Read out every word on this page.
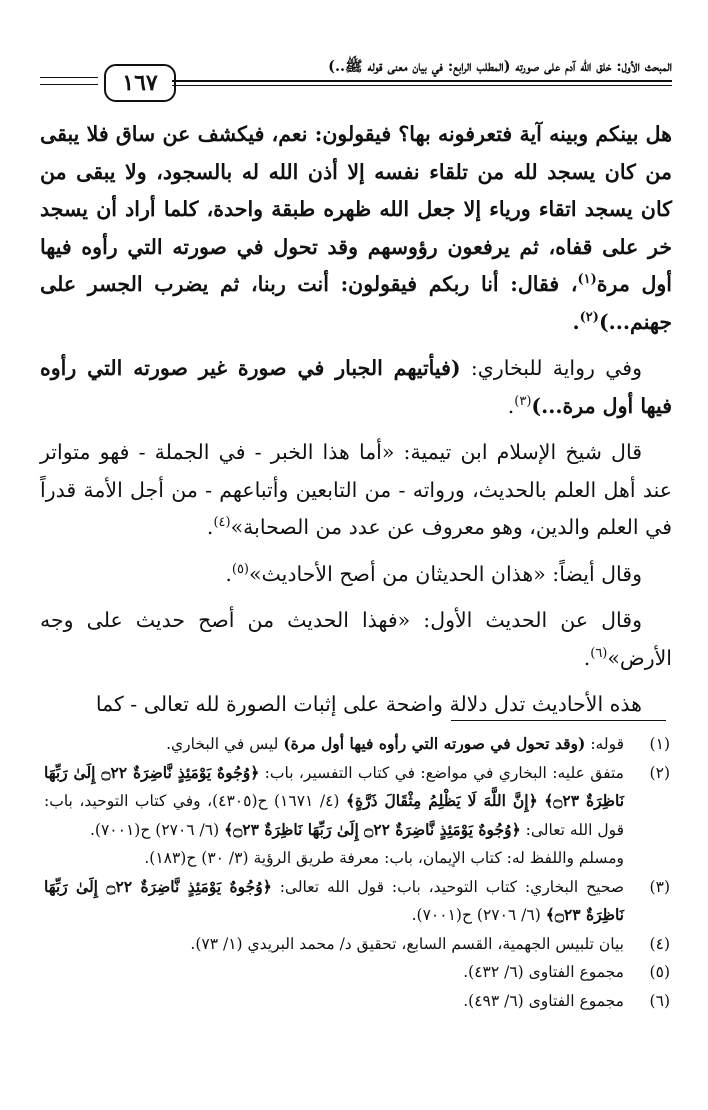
المبحث الأول: خلق الله آدم على صورته (المطلب الرابع: في بيان معنى قوله ﷺ..)
١٦٧

هل بينكم وبينه آية فتعرفونه بها؟ فيقولون: نعم، فيكشف عن ساق فلا يبقى من كان يسجد لله من تلقاء نفسه إلا أذن الله له بالسجود، ولا يبقى من كان يسجد اتقاء ورياء إلا جعل الله ظهره طبقة واحدة، كلما أراد أن يسجد خر على قفاه، ثم يرفعون رؤوسهم وقد تحول في صورته التي رأوه فيها أول مرة$^{(١)}$، فقال: أنا ربكم فيقولون: أنت ربنا، ثم يضرب الجسر على جهنم...)$^{(٢)}$.

وفي رواية للبخاري: (فيأتيهم الجبار في صورة غير صورته التي رأوه فيها أول مرة...)$^{(٣)}$.

قال شيخ الإسلام ابن تيمية: «أما هذا الخبر - في الجملة - فهو متواتر عند أهل العلم بالحديث، ورواته - من التابعين وأتباعهم - من أجل الأمة قدراً في العلم والدين، وهو معروف عن عدد من الصحابة»$^{(٤)}$.

وقال أيضاً: «هذان الحديثان من أصح الأحاديث»$^{(٥)}$.

وقال عن الحديث الأول: «فهذا الحديث من أصح حديث على وجه الأرض»$^{(٦)}$.

هذه الأحاديث تدل دلالة واضحة على إثبات الصورة لله تعالى - كما

(١)
قوله: (وقد تحول في صورته التي رأوه فيها أول مرة) ليس في البخاري.
(٢)
متفق عليه: البخاري في مواضع: في كتاب التفسير، باب: ﴿وُجُوهٌ يَوْمَئِذٍ نَّاضِرَةٌ ۝٢٢ إِلَىٰ رَبِّهَا نَاظِرَةٌ ۝٢٣﴾ ﴿إِنَّ اللَّهَ لَا يَظْلِمُ مِثْقَالَ ذَرَّةٍ﴾ (٤/ ١٦٧١) ح(٤٣٠٥)، وفي كتاب التوحيد، باب: قول الله تعالى: ﴿وُجُوهٌ يَوْمَئِذٍ نَّاضِرَةٌ ۝٢٢ إِلَىٰ رَبِّهَا نَاظِرَةٌ ۝٢٣﴾ (٦/ ٢٧٠٦) ح(٧٠٠١).
ومسلم واللفظ له: كتاب الإيمان، باب: معرفة طريق الرؤية (٣/ ٣٠) ح(١٨٣).
(٣)
صحيح البخاري: كتاب التوحيد، باب: قول الله تعالى: ﴿وُجُوهٌ يَوْمَئِذٍ نَّاضِرَةٌ ۝٢٢ إِلَىٰ رَبِّهَا نَاظِرَةٌ ۝٢٣﴾ (٦/ ٢٧٠٦) ح(٧٠٠١).
(٤)
بيان تلبيس الجهمية، القسم السابع، تحقيق د/ محمد البريدي (١/ ٧٣).
(٥)
مجموع الفتاوى (٦/ ٤٣٢).
(٦)
مجموع الفتاوى (٦/ ٤٩٣).
